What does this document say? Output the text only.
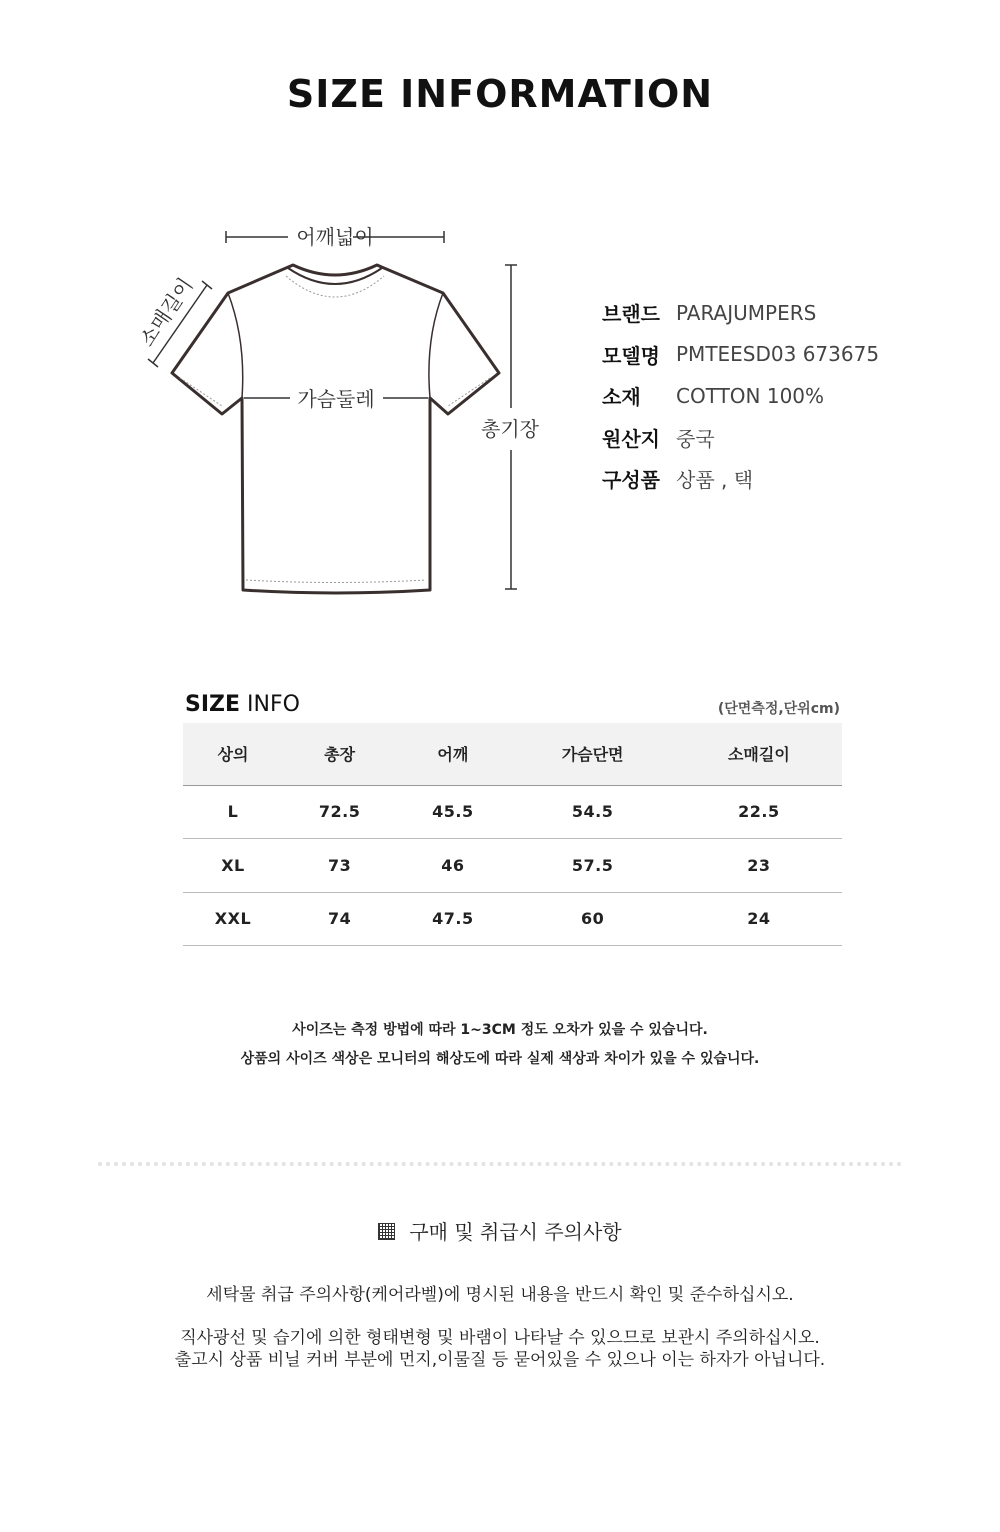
SIZE INFORMATION
어깨넓이
소매길이
가슴둘레
총기장
브랜드 PARAJUMPERS
모델명 PMTEESD03 673675
소재	COTTON 100%
원산지 중국
구성품 상품 , 택
SIZE INFO	(단면측정,단위cm)
상의	총장	어깨	가슴단면	소매길이
L	72.5	45.5	54.5	22.5
XL	73	46	57.5	23
XXL	74	47.5	60	24
사이즈는 측정 방법에 따라 1~3CM 정도 오차가 있을 수 있습니다.
상품의 사이즈 색상은 모니터의 해상도에 따라 실제 색상과 차이가 있을 수 있습니다.
구매 및 취급시 주의사항
세탁물 취급 주의사항(케어라벨)에 명시된 내용을 반드시 확인 및 준수하십시오.
직사광선 및 습기에 의한 형태변형 및 바램이 나타날 수 있으므로 보관시 주의하십시오.
출고시 상품 비닐 커버 부분에 먼지,이물질 등 묻어있을 수 있으나 이는 하자가 아닙니다.
